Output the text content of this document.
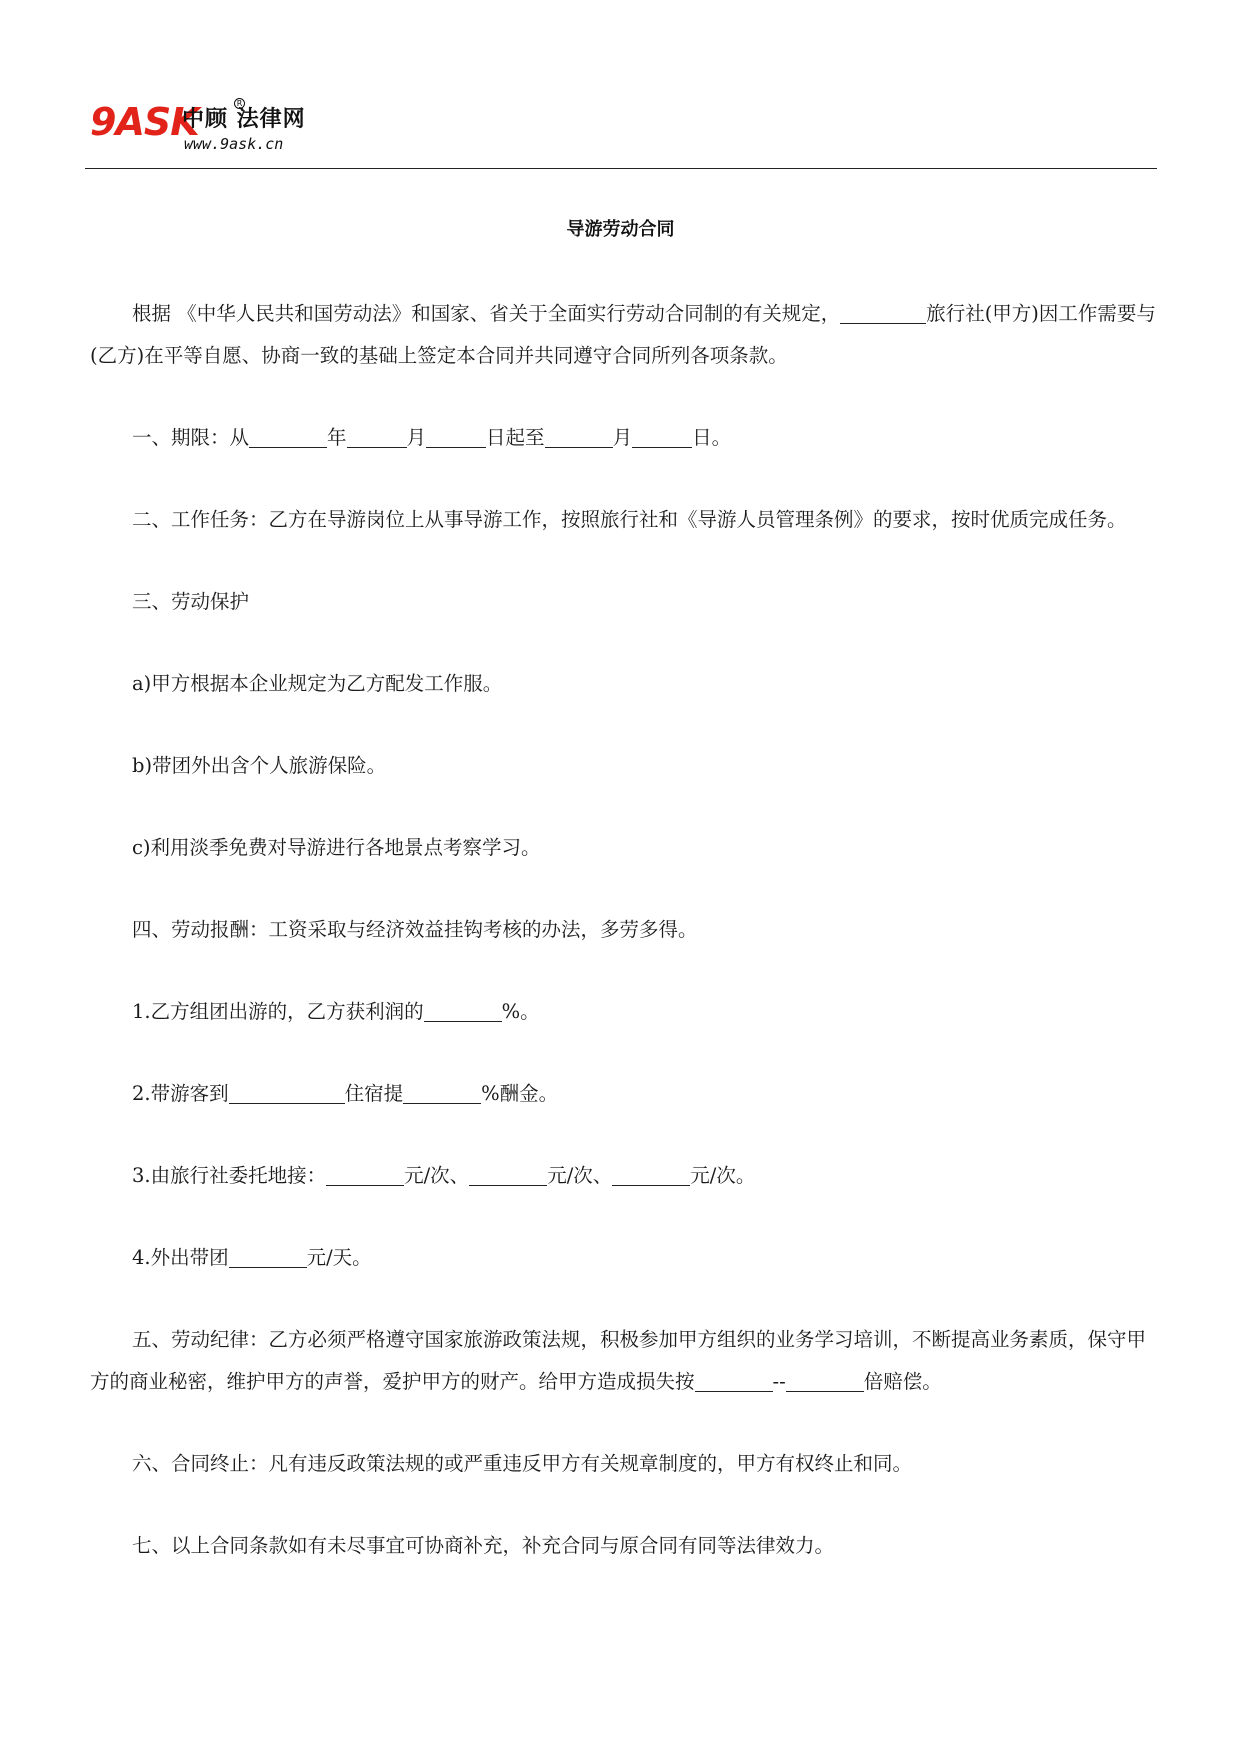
9ASK	R
中顾 法律网
www.9ask.cn
导游劳动合同

根据 《中华人民共和国劳动法》和国家、省关于全面实行劳动合同制的有关规定，	旅行社(甲方)因工作需要与(乙方)在平等自愿、协商一致的基础上签定本合同并共同遵守合同所列各项条款。

一、期限：从	年	月	日起至	月	日。

二、工作任务：乙方在导游岗位上从事导游工作，按照旅行社和《导游人员管理条例》的要求，按时优质完成任务。

三、劳动保护

a)甲方根据本企业规定为乙方配发工作服。

b)带团外出含个人旅游保险。

c)利用淡季免费对导游进行各地景点考察学习。

四、劳动报酬：工资采取与经济效益挂钩考核的办法，多劳多得。

1.乙方组团出游的，乙方获利润的	%。

2.带游客到	住宿提	%酬金。

3.由旅行社委托地接：	元/次、	元/次、	元/次。

4.外出带团	元/天。

五、劳动纪律：乙方必须严格遵守国家旅游政策法规，积极参加甲方组织的业务学习培训，不断提高业务素质，保守甲方的商业秘密，维护甲方的声誉，爱护甲方的财产。给甲方造成损失按	--	倍赔偿。

六、合同终止：凡有违反政策法规的或严重违反甲方有关规章制度的，甲方有权终止和同。

七、以上合同条款如有未尽事宜可协商补充，补充合同与原合同有同等法律效力。
